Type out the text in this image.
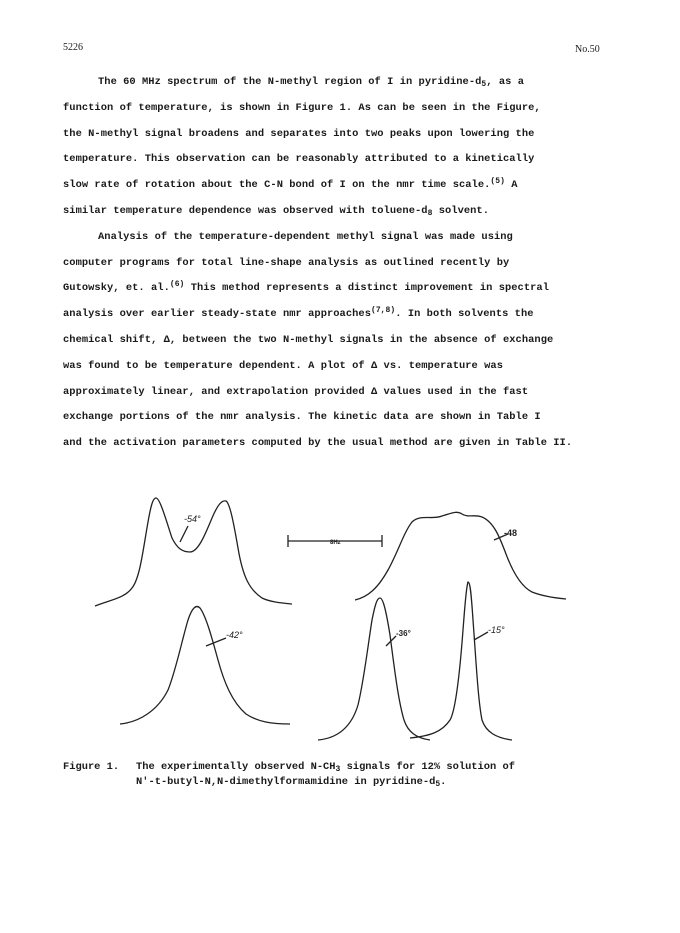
5226	No.50
The 60 MHz spectrum of the N-methyl region of I in pyridine-$d_5$, as a
function of temperature, is shown in Figure 1. As can be seen in the Figure,
the N-methyl signal broadens and separates into two peaks upon lowering the
temperature. This observation can be reasonably attributed to a kinetically
slow rate of rotation about the C-N bond of I on the nmr time scale.$^{(5)}$ A
similar temperature dependence was observed with toluene-$d_8$ solvent.
Analysis of the temperature-dependent methyl signal was made using
computer programs for total line-shape analysis as outlined recently by
Gutowsky, et. al.$^{(6)}$ This method represents a distinct improvement in spectral
analysis over earlier steady-state nmr approaches$^{(7,8)}$. In both solvents the
chemical shift, Δ, between the two N-methyl signals in the absence of exchange
was found to be temperature dependent. A plot of Δ vs. temperature was
approximately linear, and extrapolation provided Δ values used in the fast
exchange portions of the nmr analysis. The kinetic data are shown in Table I
and the activation parameters computed by the usual method are given in Table II.
-54°
-48
-42°	-36°	-15°
8Hz
Figure 1. The experimentally observed $N-CH_3$ signals for 12% solution of
N'-t-butyl-N,N-dimethylformamidine in pyridine-$d_5$.
